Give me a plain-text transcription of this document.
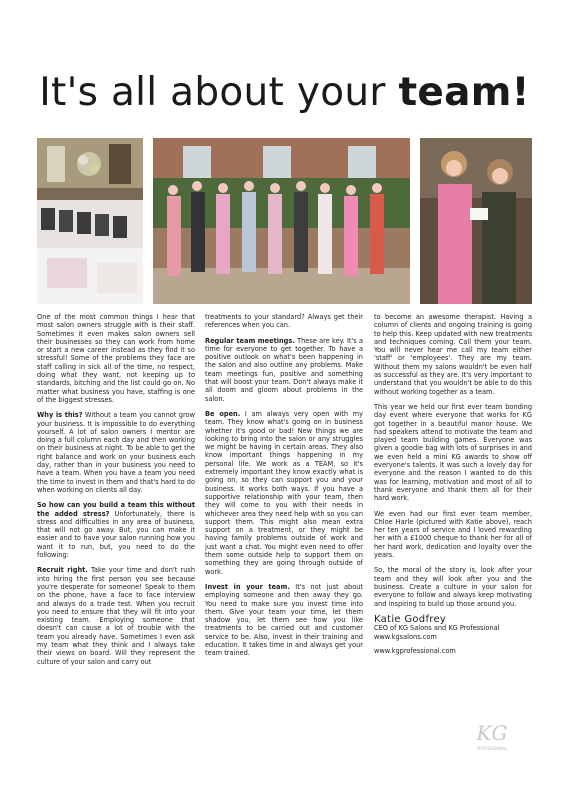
It's all about your team!

One of the most common things I hear that most salon owners struggle with is their staff. Sometimes it even makes salon owners sell their businesses so they can work from home or start a new career instead as they find it so stressful! Some of the problems they face are staff calling in sick all of the time, no respect, doing what they want, not keeping up to standards, bitching and the list could go on. No matter what business you have, staffing is one of the biggest stresses.

Why is this? Without a team you cannot grow your business. It is impossible to do everything yourself. A lot of salon owners I mentor are doing a full column each day and then working on their business at night. To be able to get the right balance and work on your business each day, rather than in your business you need to have a team. When you have a team you need the time to invest in them and that's hard to do when working on clients all day.

So how can you build a team this without the added stress? Unfortunately, there is stress and difficulties in any area of business, that will not go away. But, you can make it easier and to have your salon running how you want it to run, but, you need to do the following:

Recruit right. Take your time and don't rush into hiring the first person you see because you're desperate for someone! Speak to them on the phone, have a face to face interview and always do a trade test. When you recruit you need to ensure that they will fit into your existing team. Employing someone that doesn't can cause a lot of trouble with the team you already have. Sometimes I even ask my team what they think and I always take their views on board. Will they represent the culture of your salon and carry out

treatments to your standard? Always get their references when you can.

Regular team meetings. These are key. It's a time for everyone to get together. To have a positive outlook on what's been happening in the salon and also outline any problems. Make team meetings fun, positive and something that will boost your team. Don't always make it all doom and gloom about problems in the salon.

Be open. I am always very open with my team. They know what's going on in business whether it's good or bad! New things we are looking to bring into the salon or any struggles we might be having in certain areas. They also know important things happening in my personal life. We work as a TEAM, so it's extremely important they know exactly what is going on, so they can support you and your business. It works both ways. If you have a supportive relationship with your team, then they will come to you with their needs in whichever area they need help with so you can support them. This might also mean extra support on a treatment, or they might be having family problems outside of work and just want a chat. You might even need to offer them some outside help to support them on something they are going through outside of work.

Invest in your team. It's not just about employing someone and then away they go. You need to make sure you invest time into them. Give your team your time, let them shadow you, let them see how you like treatments to be carried out and customer service to be. Also, invest in their training and education. It takes time in and always get your team trained.

to become an awesome therapist. Having a column of clients and ongoing training is going to help this. Keep updated with new treatments and techniques coming. Call them your team. You will never hear me call my team either 'staff' or 'employees'. They are my team. Without them my salons wouldn't be even half as successful as they are. It's very important to understand that you wouldn't be able to do this without working together as a team.

This year we held our first ever team bonding day event where everyone that works for KG got together in a beautiful manor house. We had speakers attend to motivate the team and played team building games. Everyone was given a goodie bag with lots of surprises in and we even held a mini KG awards to show off everyone's talents. It was such a lovely day for everyone and the reason I wanted to do this was for learning, motivation and most of all to thank everyone and thank them all for their hard work.

We even had our first ever team member, Chloe Harle (pictured with Katie above), reach her ten years of service and I loved rewarding her with a £1000 cheque to thank her for all of her hard work, dedication and loyalty over the years.

So, the moral of the story is, look after your team and they will look after you and the business. Create a culture in your salon for everyone to follow and always keep motivating and inspiring to build up those around you.

Katie Godfrey
CEO of KG Salons and KG Professional
www.kgsalons.com
www.kgprofessional.com
KG
PROFESSIONAL
